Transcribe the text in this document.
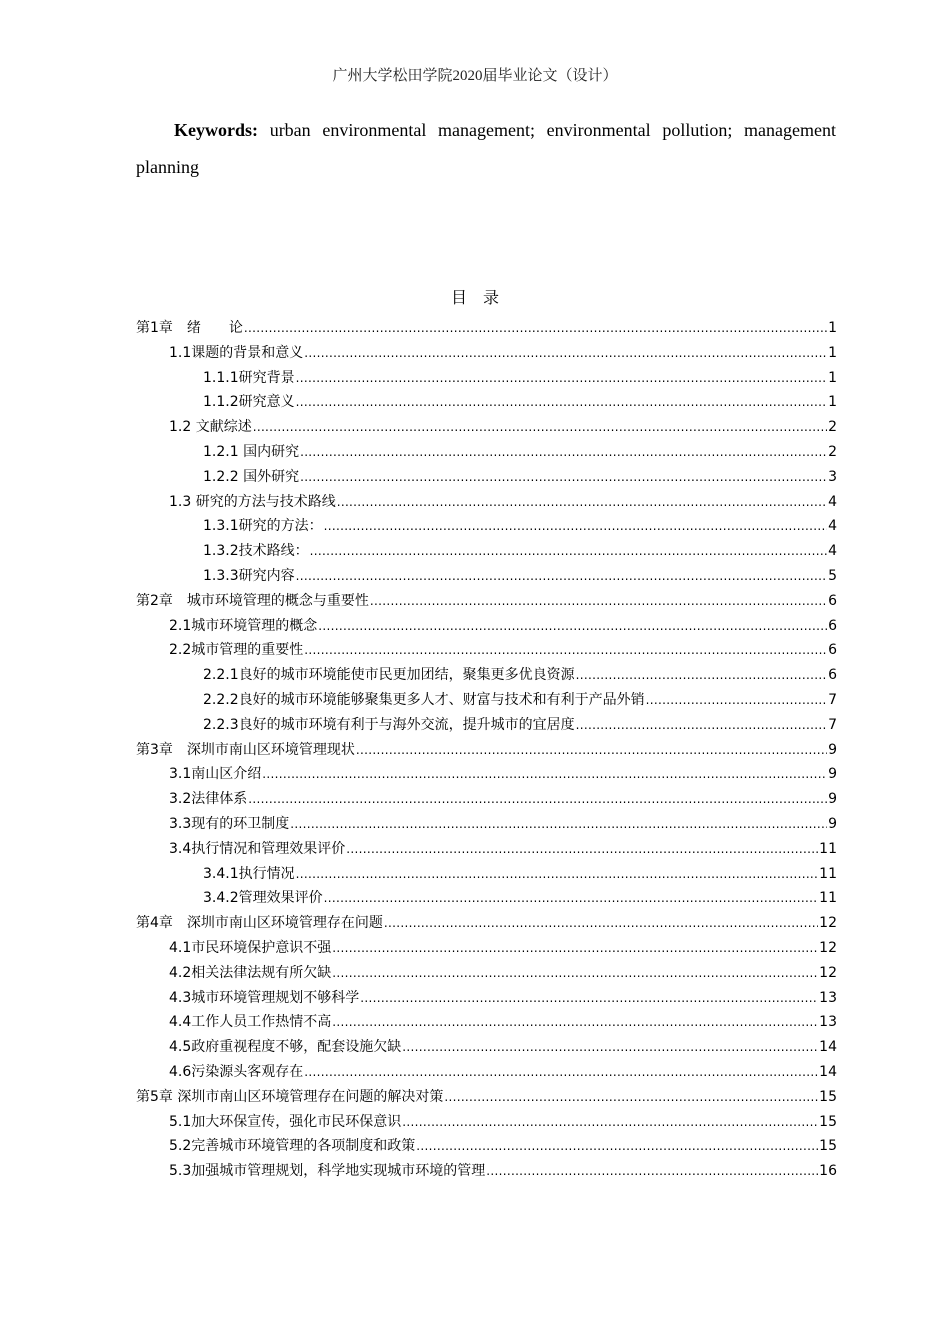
广州大学松田学院2020届毕业论文（设计）
Keywords: urban environmental management; environmental pollution; management planning
目录
第1章　绪　　论 .....	1
1.1课题的背景和意义 .....	1
1.1.1研究背景 .....	1
1.1.2研究意义 .....	1
1.2 文献综述 .....	2
1.2.1 国内研究 .....	2
1.2.2 国外研究 .....	3
1.3 研究的方法与技术路线 .....	4
1.3.1研究的方法： .....	4
1.3.2技术路线： .....	4
1.3.3研究内容 .....	5
第2章　城市环境管理的概念与重要性 .....	6
2.1城市环境管理的概念 .....	6
2.2城市管理的重要性 .....	6
2.2.1良好的城市环境能使市民更加团结，聚集更多优良资源 .....	6
2.2.2良好的城市环境能够聚集更多人才、财富与技术和有利于产品外销 .....	7
2.2.3良好的城市环境有利于与海外交流，提升城市的宜居度 .....	7
第3章　深圳市南山区环境管理现状 .....	9
3.1南山区介绍 .....	9
3.2法律体系 .....	9
3.3现有的环卫制度 .....	9
3.4执行情况和管理效果评价 .....	11
3.4.1执行情况 .....	11
3.4.2管理效果评价 .....	11
第4章　深圳市南山区环境管理存在问题 .....	12
4.1市民环境保护意识不强 .....	12
4.2相关法律法规有所欠缺 .....	12
4.3城市环境管理规划不够科学 .....	13
4.4工作人员工作热情不高 .....	13
4.5政府重视程度不够，配套设施欠缺 .....	14
4.6污染源头客观存在 .....	14
第5章 深圳市南山区环境管理存在问题的解决对策 .....	15
5.1加大环保宣传，强化市民环保意识 .....	15
5.2完善城市环境管理的各项制度和政策 .....	15
5.3加强城市管理规划，科学地实现城市环境的管理 .....	16
